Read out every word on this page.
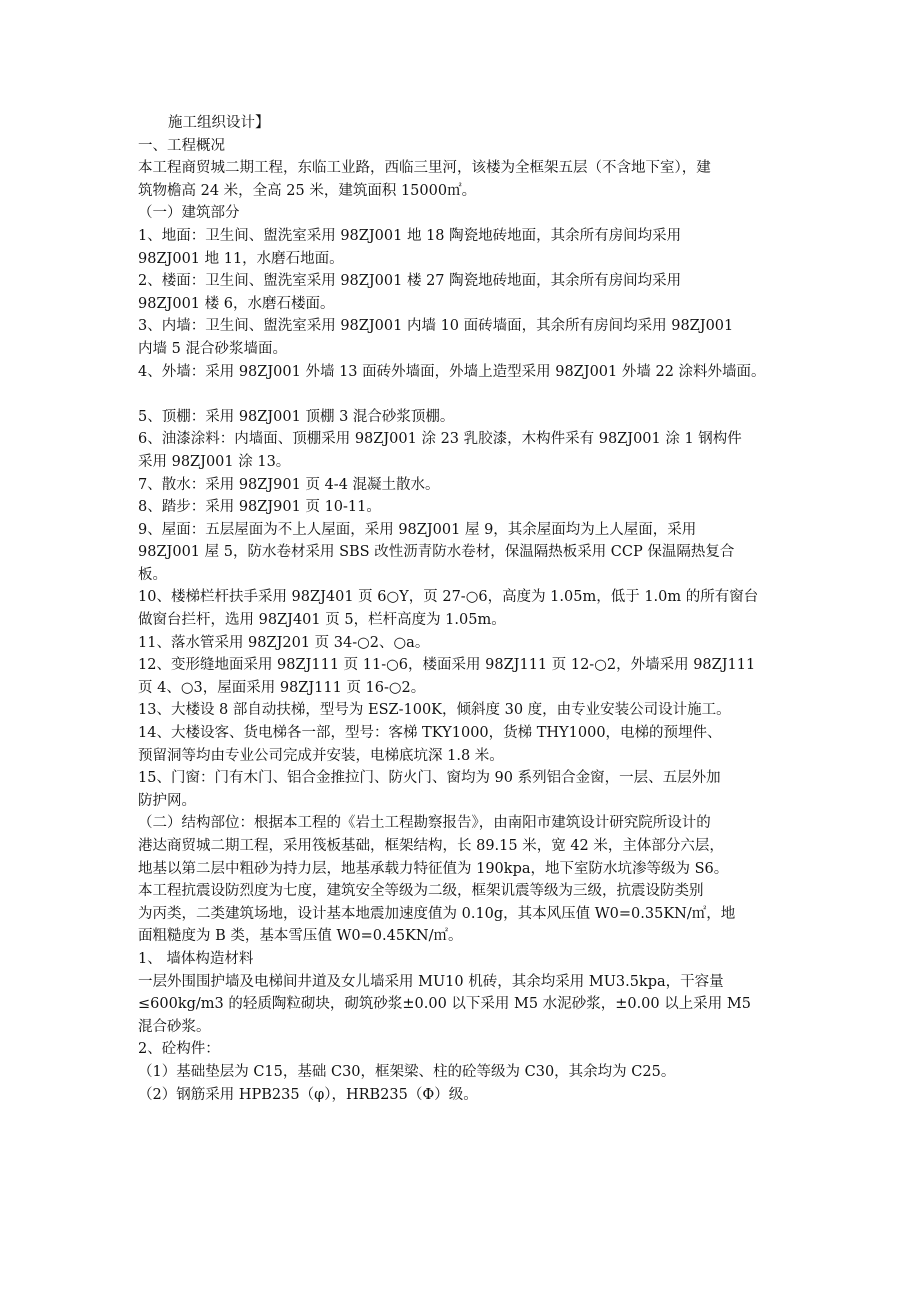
施工组织设计】
一、工程概况
本工程商贸城二期工程，东临工业路，西临三里河，该楼为全框架五层（不含地下室），建
筑物檐高 24 米，全高 25 米，建筑面积 15000㎡。
（一）建筑部分
1、地面：卫生间、盥洗室采用 98ZJ001 地 18 陶瓷地砖地面，其余所有房间均采用
98ZJ001 地 11，水磨石地面。
2、楼面：卫生间、盥洗室采用 98ZJ001 楼 27 陶瓷地砖地面，其余所有房间均采用
98ZJ001 楼 6，水磨石楼面。
3、内墙：卫生间、盥洗室采用 98ZJ001 内墙 10 面砖墙面，其余所有房间均采用 98ZJ001
内墙 5 混合砂浆墙面。
4、外墙：采用 98ZJ001 外墙 13 面砖外墙面，外墙上造型采用 98ZJ001 外墙 22 涂料外墙面。
5、顶棚：采用 98ZJ001 顶棚 3 混合砂浆顶棚。
6、油漆涂料：内墙面、顶棚采用 98ZJ001 涂 23 乳胶漆，木构件采有 98ZJ001 涂 1 钢构件
采用 98ZJ001 涂 13。
7、散水：采用 98ZJ901 页 4-4 混凝土散水。
8、踏步：采用 98ZJ901 页 10-11。
9、屋面：五层屋面为不上人屋面，采用 98ZJ001 屋 9，其余屋面均为上人屋面，采用
98ZJ001 屋 5，防水卷材采用 SBS 改性沥青防水卷材，保温隔热板采用 CCP 保温隔热复合
板。
10、楼梯栏杆扶手采用 98ZJ401 页 6○Y，页 27-○6，高度为 1.05m，低于 1.0m 的所有窗台
做窗台拦杆，选用 98ZJ401 页 5，栏杆高度为 1.05m。
11、落水管采用 98ZJ201 页 34-○2、○a。
12、变形缝地面采用 98ZJ111 页 11-○6，楼面采用 98ZJ111 页 12-○2，外墙采用 98ZJ111
页 4、○3，屋面采用 98ZJ111 页 16-○2。
13、大楼设 8 部自动扶梯，型号为 ESZ-100K，倾斜度 30 度，由专业安装公司设计施工。
14、大楼设客、货电梯各一部，型号：客梯 TKY1000，货梯 THY1000，电梯的预埋件、
预留洞等均由专业公司完成并安装，电梯底坑深 1.8 米。
15、门窗：门有木门、铝合金推拉门、防火门、窗均为 90 系列铝合金窗，一层、五层外加
防护网。
（二）结构部位：根据本工程的《岩土工程勘察报告》，由南阳市建筑设计研究院所设计的
港达商贸城二期工程，采用筏板基础，框架结构，长 89.15 米，宽 42 米，主体部分六层，
地基以第二层中粗砂为持力层，地基承载力特征值为 190kpa，地下室防水坑渗等级为 S6。
本工程抗震设防烈度为七度，建筑安全等级为二级，框架讥震等级为三级，抗震设防类别
为丙类，二类建筑场地，设计基本地震加速度值为 0.10g，其本风压值 W0=0.35KN/㎡，地
面粗糙度为 B 类，基本雪压值 W0=0.45KN/㎡。
1、 墙体构造材料
一层外围围护墙及电梯间井道及女儿墙采用 MU10 机砖，其余均采用 MU3.5kpa，干容量
≤600kg/m3 的轻质陶粒砌块，砌筑砂浆±0.00 以下采用 M5 水泥砂浆，±0.00 以上采用 M5
混合砂浆。
2、砼构件：
（1）基础垫层为 C15，基础 C30，框架梁、柱的砼等级为 C30，其余均为 C25。
（2）钢筋采用 HPB235（φ），HRB235（Φ）级。
